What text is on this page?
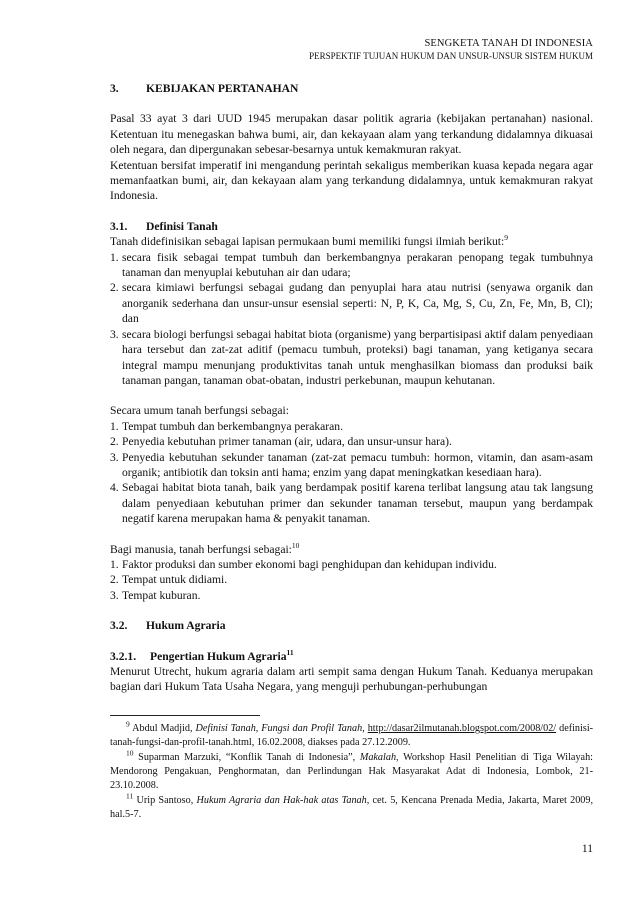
SENGKETA TANAH DI INDONESIA
PERSPEKTIF TUJUAN HUKUM DAN UNSUR-UNSUR SISTEM HUKUM

3. KEBIJAKAN PERTANAHAN

Pasal 33 ayat 3 dari UUD 1945 merupakan dasar politik agraria (kebijakan pertanahan) nasional. Ketentuan itu menegaskan bahwa bumi, air, dan kekayaan alam yang terkandung didalamnya dikuasai oleh negara, dan dipergunakan sebesar-besarnya untuk kemakmuran rakyat.

Ketentuan bersifat imperatif ini mengandung perintah sekaligus memberikan kuasa kepada negara agar memanfaatkan bumi, air, dan kekayaan alam yang terkandung didalamnya, untuk kemakmuran rakyat Indonesia.

3.1. Definisi Tanah

Tanah didefinisikan sebagai lapisan permukaan bumi memiliki fungsi ilmiah berikut:$^9$

1. secara fisik sebagai tempat tumbuh dan berkembangnya perakaran penopang tegak tumbuhnya tanaman dan menyuplai kebutuhan air dan udara;
2. secara kimiawi berfungsi sebagai gudang dan penyuplai hara atau nutrisi (senyawa organik dan anorganik sederhana dan unsur-unsur esensial seperti: N, P, K, Ca, Mg, S, Cu, Zn, Fe, Mn, B, Cl); dan
3. secara biologi berfungsi sebagai habitat biota (organisme) yang berpartisipasi aktif dalam penyediaan hara tersebut dan zat-zat aditif (pemacu tumbuh, proteksi) bagi tanaman, yang ketiganya secara integral mampu menunjang produktivitas tanah untuk menghasilkan biomass dan produksi baik tanaman pangan, tanaman obat-obatan, industri perkebunan, maupun kehutanan.

Secara umum tanah berfungsi sebagai:

1. Tempat tumbuh dan berkembangnya perakaran.
2. Penyedia kebutuhan primer tanaman (air, udara, dan unsur-unsur hara).
3. Penyedia kebutuhan sekunder tanaman (zat-zat pemacu tumbuh: hormon, vitamin, dan asam-asam organik; antibiotik dan toksin anti hama; enzim yang dapat meningkatkan kesediaan hara).
4. Sebagai habitat biota tanah, baik yang berdampak positif karena terlibat langsung atau tak langsung dalam penyediaan kebutuhan primer dan sekunder tanaman tersebut, maupun yang berdampak negatif karena merupakan hama & penyakit tanaman.

Bagi manusia, tanah berfungsi sebagai:$^{10}$

1. Faktor produksi dan sumber ekonomi bagi penghidupan dan kehidupan individu.
2. Tempat untuk didiami.
3. Tempat kuburan.

3.2. Hukum Agraria

3.2.1. Pengertian Hukum Agraria$^{11}$

Menurut Utrecht, hukum agraria dalam arti sempit sama dengan Hukum Tanah. Keduanya merupakan bagian dari Hukum Tata Usaha Negara, yang menguji perhubungan-perhubungan

$^9$ Abdul Madjid, Definisi Tanah, Fungsi dan Profil Tanah, http://dasar2ilmutanah.blogspot.com/2008/02/ definisi-tanah-fungsi-dan-profil-tanah.html, 16.02.2008, diakses pada 27.12.2009.

$^{10}$ Suparman Marzuki, “Konflik Tanah di Indonesia”, Makalah, Workshop Hasil Penelitian di Tiga Wilayah: Mendorong Pengakuan, Penghormatan, dan Perlindungan Hak Masyarakat Adat di Indonesia, Lombok, 21-23.10.2008.

$^{11}$ Urip Santoso, Hukum Agraria dan Hak-hak atas Tanah, cet. 5, Kencana Prenada Media, Jakarta, Maret 2009, hal.5-7.

11
